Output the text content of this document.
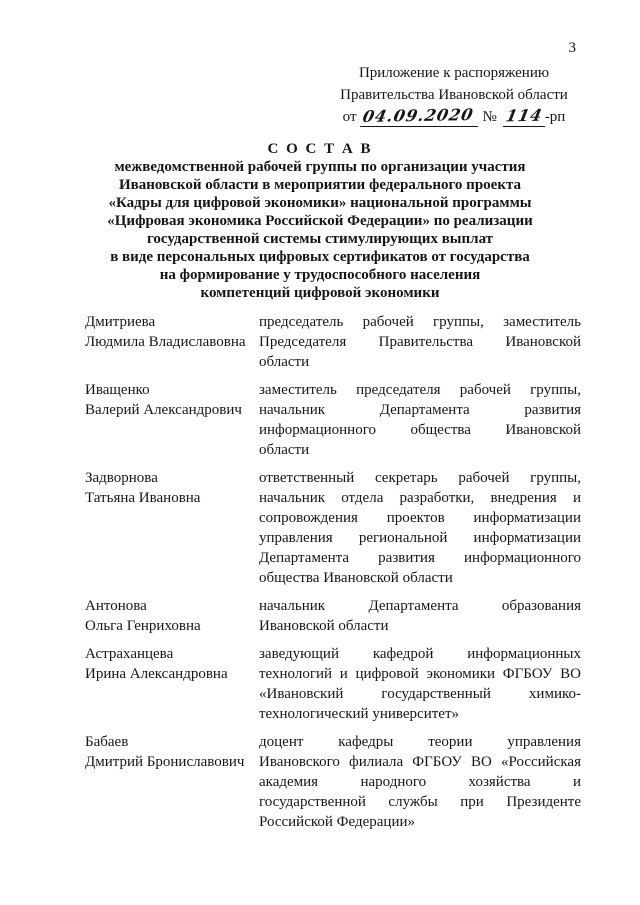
3
Приложение к распоряжению
Правительства Ивановской области
от 04.09.2020 № 114-рп
С О С Т А В
межведомственной рабочей группы по организации участия
Ивановской области в мероприятии федерального проекта
«Кадры для цифровой экономики» национальной программы
«Цифровая экономика Российской Федерации» по реализации
государственной системы стимулирующих выплат
в виде персональных цифровых сертификатов от государства
на формирование у трудоспособного населения
компетенций цифровой экономики
Дмитриева
Людмила Владиславовна
председатель рабочей группы, заместитель
Председателя Правительства Ивановской
области
Иващенко
Валерий Александрович
заместитель председателя рабочей группы,
начальник Департамента развития
информационного общества Ивановской
области
Задворнова
Татьяна Ивановна
ответственный секретарь рабочей группы,
начальник отдела разработки, внедрения и
сопровождения проектов информатизации
управления региональной информатизации
Департамента развития информационного
общества Ивановской области
Антонова
Ольга Генриховна
начальник Департамента образования
Ивановской области
Астраханцева
Ирина Александровна
заведующий кафедрой информационных
технологий и цифровой экономики ФГБОУ ВО
«Ивановский государственный химико-
технологический университет»
Бабаев
Дмитрий Брониславович
доцент кафедры теории управления
Ивановского филиала ФГБОУ ВО «Российская
академия народного хозяйства и
государственной службы при Президенте
Российской Федерации»
